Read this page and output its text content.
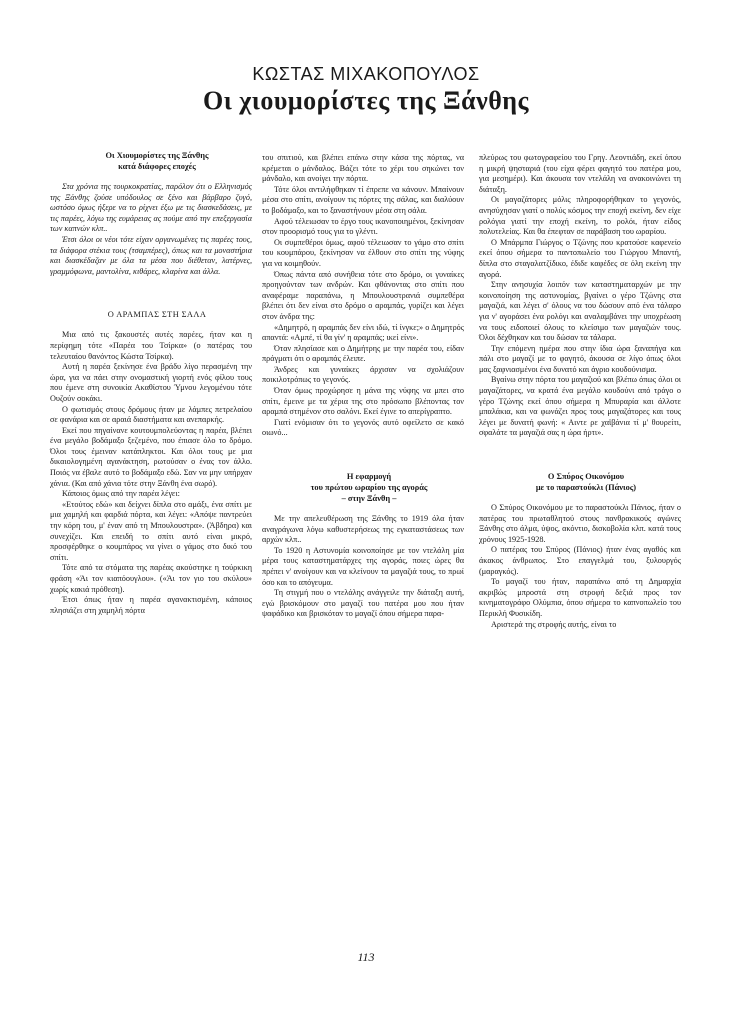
ΚΩΣΤΑΣ ΜΙΧΑΚΟΠΟΥΛΟΣ
Οι χιουμορίστες της Ξάνθης

Οι Χιουμορίστες της Ξάνθης

κατά διάφορες εποχές

Στα χρόνια της τουρκοκρατίας, παρόλον ότι ο Ελληνισμός της Ξάνθης ζούσε υπόδουλος σε ξένο και βάρβαρο ζυγό, ωστόσο όμως ήξερε να το ρίχνει έξω με τις διασκεδάσεις, με τις παρέες, λόγω της ευμάρειας ας πούμε από την επεξεργασία των καπνών κλπ..

Έτσι όλοι οι νέοι τότε είχαν οργανωμένες τις παρέες τους, τα διάφορα στέκια τους (τσαμπέρες), όπως και τα μοναστήρια και διασκέδαζαν με όλα τα μέσα που διέθεταν, λατέρνες, γραμμόφωνα, μαντολίνα, κιθάρες, κλαρίνα και άλλα.

Ο ΑΡΑΜΠΑΣ ΣΤΗ ΣΑΛΑ

Μια από τις ξακουστές αυτές παρέες, ήταν και η περίφημη τότε «Παρέα του Τσίρκα» (ο πατέρας του τελευταίου θανόντος Κώστα Τσίρκα).

Αυτή η παρέα ξεκίνησε ένα βράδυ λίγο περασμένη την ώρα, για να πάει στην ονομαστική γιορτή ενός φίλου τους που έμενε στη συνοικία Ακαθίστου Ύμνου λεγομένου τότε Ουζούν σοκάκι.

Ο φωτισμός στους δρόμους ήταν με λάμπες πετρελαίου σε φανάρια και σε αραιά διαστήματα και ανεπαρκής.

Εκεί που πηγαίνανε κουτουμπολεύοντας η παρέα, βλέπει ένα μεγάλο βοδάμαξο ξεζεμένο, που έπιασε όλο το δρόμο. Όλοι τους έμειναν κατάπληκτοι. Και όλοι τους με μια δικαιολογημένη αγανάκτηση, ρωτούσαν ο ένας τον άλλο. Ποιός να έβαλε αυτό το βοδάμαξο εδώ. Σαν να μην υπήρχαν χάνια. (Και από χάνια τότε στην Ξάνθη ένα σωρό).

Κάποιος όμως από την παρέα λέγει:

«Ετούτος εδώ» και δείχνει δίπλα στο αμάξι, ένα σπίτι με μια χαμηλή και φαρδιά πόρτα, και λέγει: «Απόψε παντρεύει την κόρη του, μ' έναν από τη Μπουλουστρα». (Άβδηρα) και συνεχίζει. Και επειδή το σπίτι αυτό είναι μικρό, προσφέρθηκε ο κουμπάρος να γίνει ο γάμος στο δικό του σπίτι.

Τότε από τα στόματα της παρέας ακούστηκε η τούρκικη φράση «Άι τον κιαπόουγλου». («Άι τον γιο του σκύλου» χωρίς κακιά πρόθεση).

Έτσι όπως ήταν η παρέα αγανακτισμένη, κάποιος πλησιάζει στη χαμηλή πόρτα

του σπιτιού, και βλέπει επάνω στην κάσα της πόρτας, να κρέμεται ο μάνδαλος. Βάζει τότε το χέρι του σηκώνει τον μάνδαλο, και ανοίγει την πόρτα.

Τότε όλοι αντιλήφθηκαν τί έπρεπε να κάνουν. Μπαίνουν μέσα στο σπίτι, ανοίγουν τις πόρτες της σάλας, και διαλύουν το βοδάμαξο, και το ξαναστήνουν μέσα στη σάλα.

Αφού τέλειωσαν το έργο τους ικανοποιημένοι, ξεκίνησαν στον προορισμό τους για το γλέντι.

Οι συμπεθέροι όμως, αφού τέλειωσαν το γάμο στο σπίτι του κουμπάρου, ξεκίνησαν να έλθουν στο σπίτι της νύφης για να κοιμηθούν.

Όπως πάντα από συνήθεια τότε στο δρόμο, οι γυναίκες προηγούνταν των ανδρών. Και φθάνοντας στο σπίτι που αναφέραμε παραπάνω, η Μπουλουστρανιά συμπεθέρα βλέπει ότι δεν είναι στο δρόμο ο αραμπάς, γυρίζει και λέγει στον άνδρα της:

«Δημητρό, η αραμπάς δεν είνι ιδώ, τί ίνγκε;» ο Δημητρός απαντά: «Αμπέ, τί θα γίν' η αραμπάς; ικεί είνι».

Όταν πλησίασε και ο Δημήτρης με την παρέα του, είδαν πράγματι ότι ο αραμπάς έλειπε.

Άνδρες και γυναίκες άρχισαν να σχολιάζουν ποικιλοτρόπως το γεγονός.

Όταν όμως προχώρησε η μάνα της νύφης να μπει στο σπίτι, έμεινε με τα χέρια της στο πρόσωπο βλέποντας τον αραμπά στημένον στο σαλόνι. Εκεί έγινε το απερίγραπτο.

Γιατί ενόμισαν ότι το γεγονός αυτό οφείλετο σε κακό οιωνό...

Η εφαρμογή

του πρώτου ωραρίου της αγοράς

– στην Ξάνθη –

Με την απελευθέρωση της Ξάνθης το 1919 όλα ήταν αναγράγωνα λόγω καθυστερήσεως της εγκαταστάσεως των αρχών κλπ..

Το 1920 η Αστυνομία κοινοποίησε με τον ντελάλη μία μέρα τους καταστηματάρχες της αγοράς, ποιες ώρες θα πρέπει ν' ανοίγουν και να κλείνουν τα μαγαζιά τους, το πρωί όσο και το απόγευμα.

Τη στιγμή που ο ντελάλης ανάγγειλε την διάταξη αυτή, εγώ βρισκόμουν στο μαγαζί του πατέρα μου που ήταν ψαφάδικο και βρισκόταν το μαγαζί όπου σήμερα παρα-

πλεύρως του φωτογραφείου του Γρηγ. Λεοντιάδη, εκεί όπου η μικρή ψησταριά (του είχα φέρει φαγητό του πατέρα μου, για μεσημέρι). Και άκουσα τον ντελάλη να ανακοινώνει τη διάταξη.

Οι μαγαζάτορες μόλις πληροφορήθηκαν το γεγονός, ανησύχησαν γιατί ο πολύς κόσμος την εποχή εκείνη, δεν είχε ρολόγια γιατί την εποχή εκείνη, το ρολόι, ήταν είδος πολυτελείας. Και θα έπεφταν σε παράβαση του ωραρίου.

Ο Μπάρμπα Γιώργος ο Τζώνης που κρατούσε καφενείο εκεί όπου σήμερα το παντοπωλείο του Γιώργου Μπαντή, δίπλα στο σταγαλατζίδικο, έδιδε καφέδες σε όλη εκείνη την αγορά.

Στην ανησυχία λοιπόν των καταστηματαρχών με την κοινοποίηση της αστυνομίας, βγαίνει ο γέρο Τζώνης στα μαγαζιά, και λέγει σ' όλους να του δώσουν από ένα τάλαρο για ν' αγοράσει ένα ρολόγι και αναλαμβάνει την υποχρέωση να τους ειδοποιεί όλους το κλείσιμο των μαγαζιών τους. Όλοι δέχθηκαν και του δώσαν τα τάλαρα.

Την επόμενη ημέρα που στην ίδια ώρα ξαναπήγα και πάλι στο μαγαζί με το φαγητό, άκουσα σε λίγο όπως όλοι μας ξαφνιασμένοι ένα δυνατό και άγριο κουδούνισμα.

Βγαίνω στην πόρτα του μαγαζιού και βλέπω όπως όλοι οι μαγαζάτορες, να κρατά ένα μεγάλο κουδούνι από τράγο ο γέρο Τζώνης εκεί όπου σήμερα η Μπυραρία και άλλοτε μπαλάκια, και να φωνάζει προς τους μαγαζάτορες και τους λέγει με δυνατή φωνή: « Αιντε ρε χαϊβάνια τί μ' θουρείτι, σφαλάτε τα μαγαζιά σας η ώρα ήρτι».

Ο Σπύρος Οικονόμου

με το παραστούκλι (Πάνιος)

Ο Σπύρος Οικονόμου με το παραστούκλι Πάνιος, ήταν ο πατέρας του πρωταθλητού στους πανθρακικούς αγώνες Ξάνθης στο άλμα, ύψος, ακόντιο, δισκοβολία κλπ. κατά τους χρόνους 1925-1928.

Ο πατέρας του Σπύρος (Πάνιος) ήταν ένας αγαθός και άκακος άνθρωπος. Στο επαγγελμά του, ξυλουργός (μαραγκός).

Το μαγαζί του ήταν, παραπάνω από τη Δημαρχία ακριβώς μπροστά στη στροφή δεξιά προς τον κινηματογράφο Ολύμπια, όπου σήμερα το καπνοπωλείο του Περικλή Φυσικίδη.

Αριστερά της στροφής αυτής, είναι το

113
